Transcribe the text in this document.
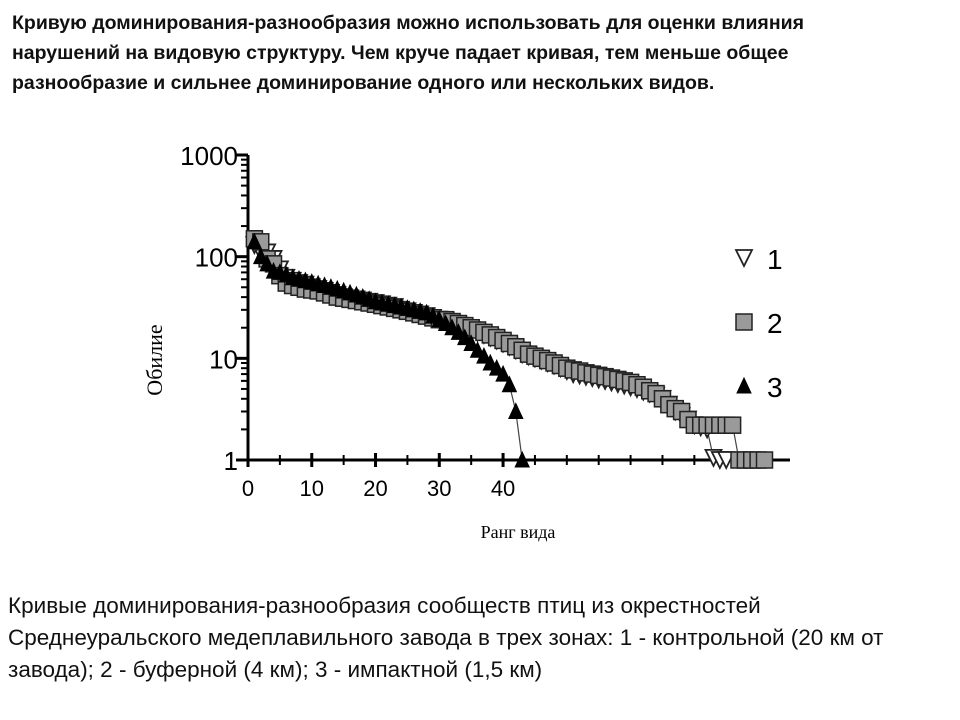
Кривую доминирования-разнообразия можно использовать для оценки влияния нарушений на видовую структуру. Чем круче падает кривая, тем меньше общее разнообразие и сильнее доминирование одного или нескольких видов.
0 10 20 30 40
1
10
100
1000
1
2
3
Обилие
Ранг вида
Кривые доминирования-разнообразия сообществ птиц из окрестностей Среднеуральского медеплавильного завода в трех зонах: 1 - контрольной (20 км от завода); 2 - буферной (4 км); 3 - импактной (1,5 км)
